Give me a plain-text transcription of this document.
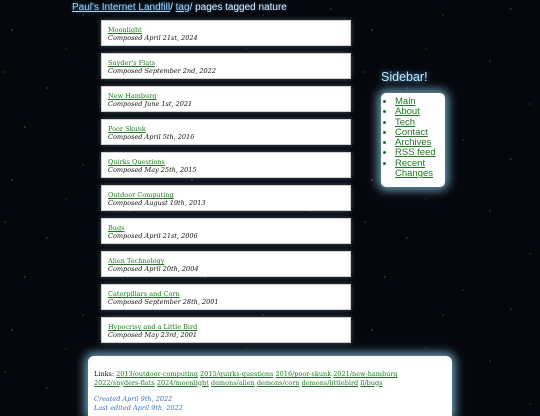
Paul's Internet Landfill/ tag/ pages tagged nature
Moonlight
Composed April 21st, 2024
Snyder's Flats
Composed September 2nd, 2022
New Hamburg
Composed June 1st, 2021
Poor Skunk
Composed April 5th, 2016
Quirks Questions
Composed May 25th, 2015
Outdoor Computing
Composed August 19th, 2013
Bugs
Composed April 21st, 2006
Alien Technology
Composed April 20th, 2004
Caterpillars and Corn
Composed September 28th, 2001
Hypocrisy and a Little Bird
Composed May 23rd, 2001
Sidebar!
• Main
• About
• Tech
• Contact
• Archives
• RSS feed
• Recent Changes
Links: 2013/outdoor-computing 2015/quirks-questions 2016/poor-skunk 2021/new-hamburg 2022/snyders-flats 2024/moonlight demons/alien demons/corn demons/littlebird ll/bugs
Created April 9th, 2022
Last edited April 9th, 2022
